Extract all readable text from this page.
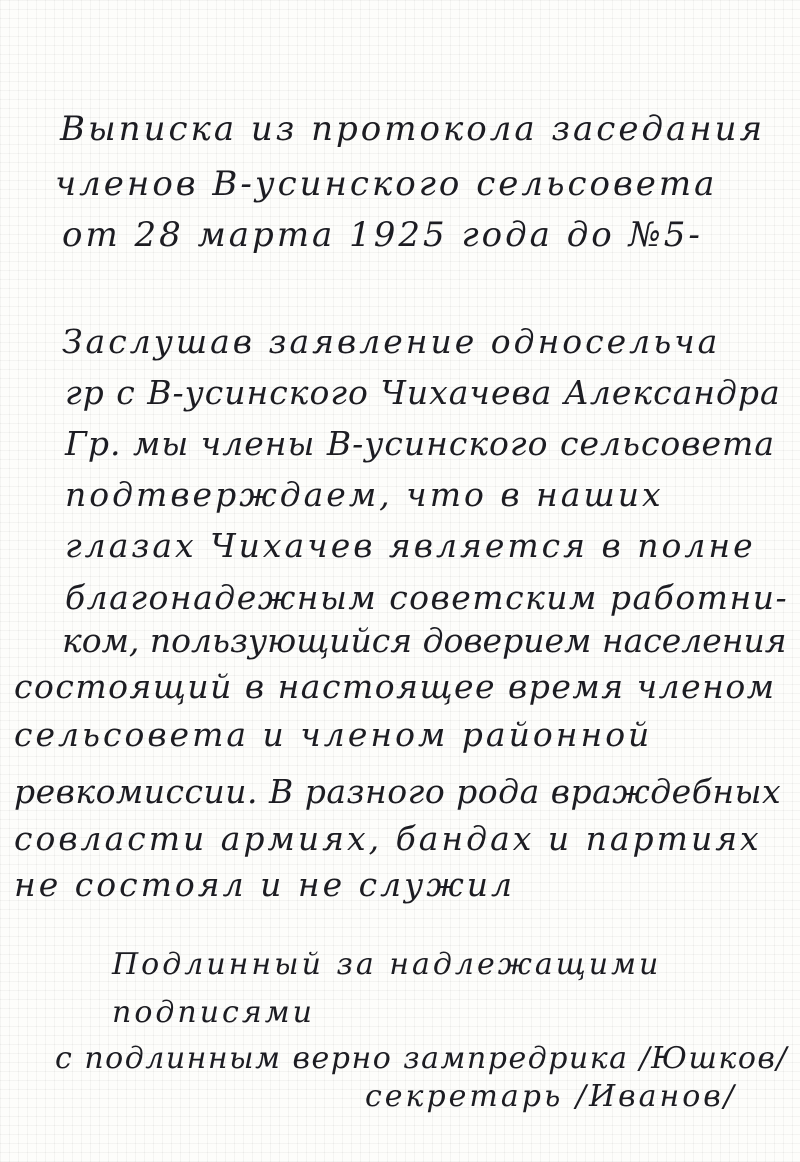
Выписка из протокола заседания
членов В-усинского сельсовета
от 28 марта 1925 года до №5-
Заслушав заявление односельча
гр с В-усинского Чихачева Александра
Гр. мы члены В-усинского сельсовета
подтверждаем, что в наших
глазах Чихачев является в полне
благонадежным советским работни-
ком, пользующийся доверием населения
состоящий в настоящее время членом
сельсовета и членом районной
ревкомиссии. В разного рода враждебных
совласти армиях, бандах и партиях
не состоял и не служил
Подлинный за надлежащими
подписями
с подлинным верно зампредрика /Юшков/
секретарь /Иванов/
